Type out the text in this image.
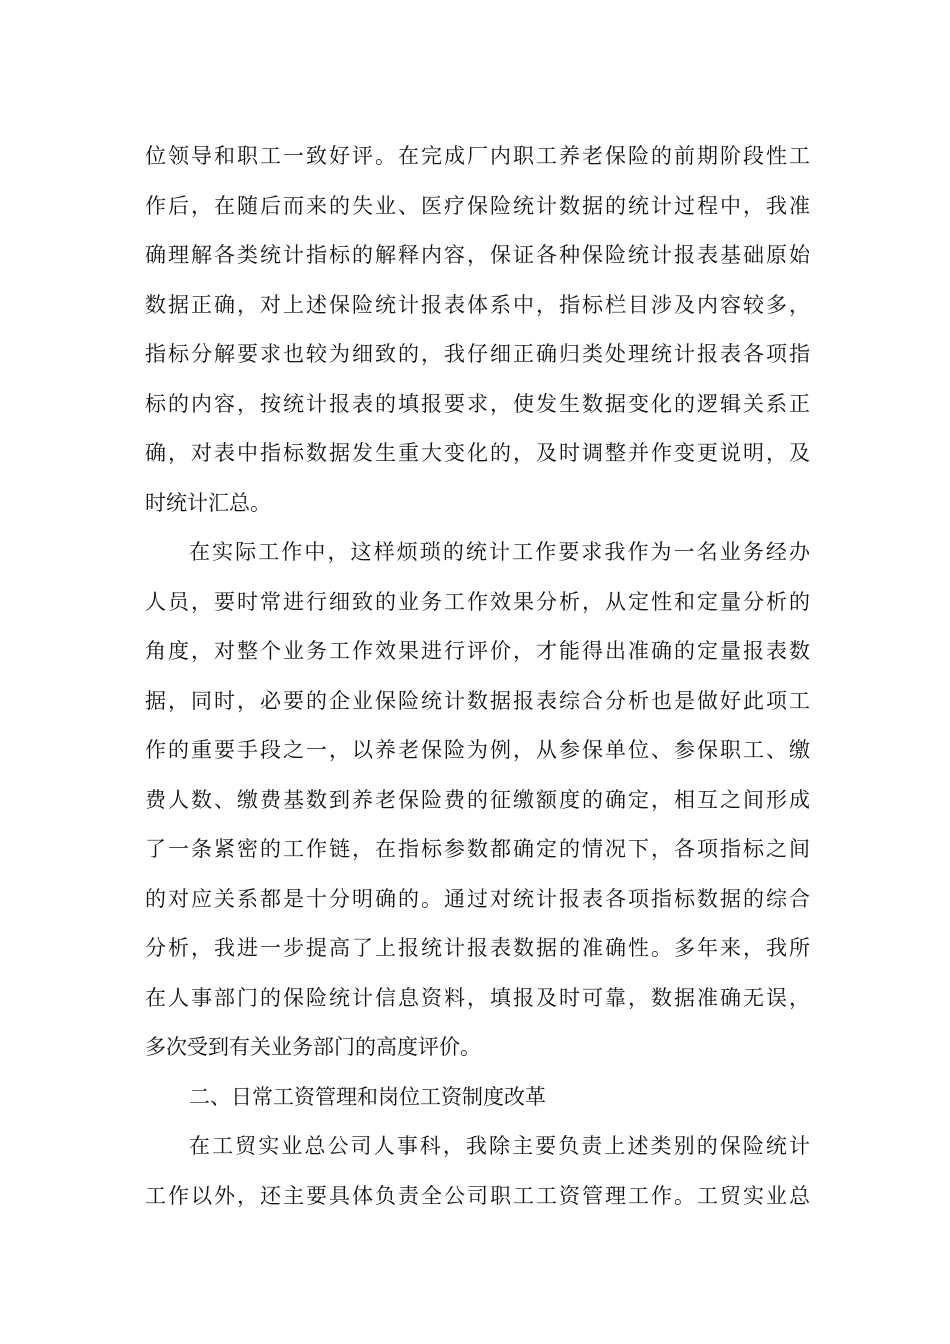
位领导和职工一致好评。在完成厂内职工养老保险的前期阶段性工
作后，在随后而来的失业、医疗保险统计数据的统计过程中，我准
确理解各类统计指标的解释内容，保证各种保险统计报表基础原始
数据正确，对上述保险统计报表体系中，指标栏目涉及内容较多，
指标分解要求也较为细致的，我仔细正确归类处理统计报表各项指
标的内容，按统计报表的填报要求，使发生数据变化的逻辑关系正
确，对表中指标数据发生重大变化的，及时调整并作变更说明，及
时统计汇总。
在实际工作中，这样烦琐的统计工作要求我作为一名业务经办
人员，要时常进行细致的业务工作效果分析，从定性和定量分析的
角度，对整个业务工作效果进行评价，才能得出准确的定量报表数
据，同时，必要的企业保险统计数据报表综合分析也是做好此项工
作的重要手段之一，以养老保险为例，从参保单位、参保职工、缴
费人数、缴费基数到养老保险费的征缴额度的确定，相互之间形成
了一条紧密的工作链，在指标参数都确定的情况下，各项指标之间
的对应关系都是十分明确的。通过对统计报表各项指标数据的综合
分析，我进一步提高了上报统计报表数据的准确性。多年来，我所
在人事部门的保险统计信息资料，填报及时可靠，数据准确无误，
多次受到有关业务部门的高度评价。
二、日常工资管理和岗位工资制度改革
在工贸实业总公司人事科，我除主要负责上述类别的保险统计
工作以外，还主要具体负责全公司职工工资管理工作。工贸实业总
